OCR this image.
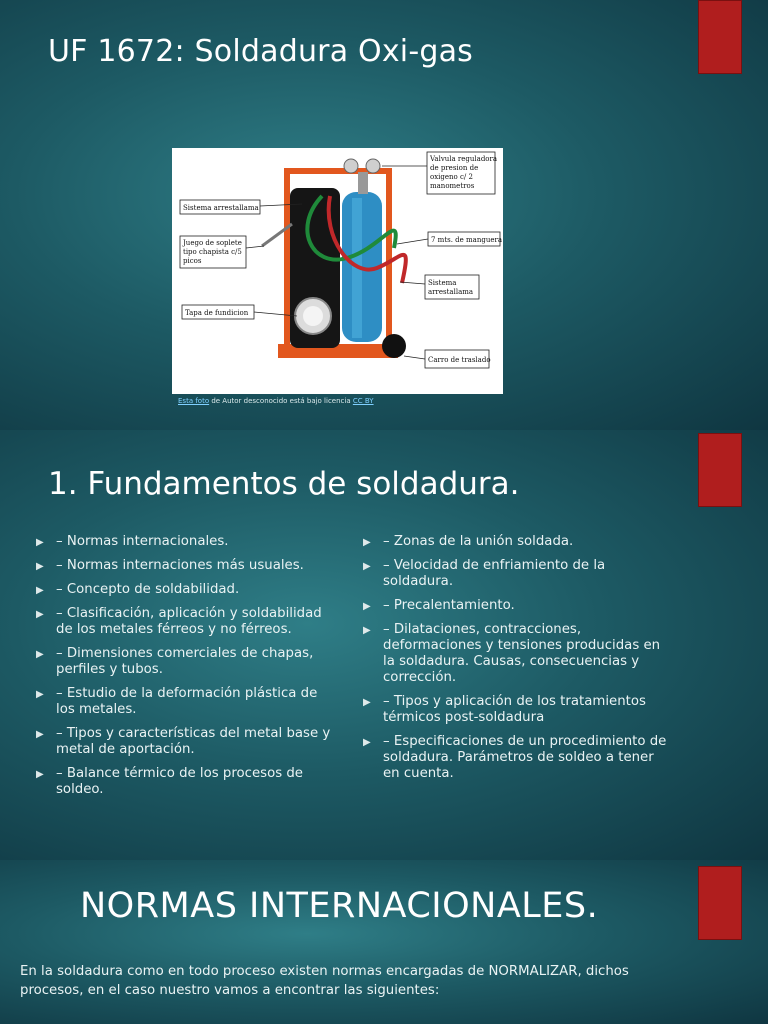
UF 1672: Soldadura Oxi-gas
Valvula reguladora
de presion de
oxigeno c/ 2
manometros
Sistema arrestallama
Juego de soplete
tipo chapista c/5
picos
7 mts. de manguera
Sistema
arrestallama
Tapa de fundicion
Carro de traslado
Esta foto de Autor desconocido está bajo licencia CC BY
1. Fundamentos de soldadura.
▶ – Normas internacionales.
▶ – Normas internaciones más usuales.
▶ – Concepto de soldabilidad.
▶ – Clasificación, aplicación y soldabilidad de los metales férreos y no férreos.
▶ – Dimensiones comerciales de chapas, perfiles y tubos.
▶ – Estudio de la deformación plástica de los metales.
▶ – Tipos y características del metal base y metal de aportación.
▶ – Balance térmico de los procesos de soldeo.
▶ – Zonas de la unión soldada.
▶ – Velocidad de enfriamiento de la soldadura.
▶ – Precalentamiento.
▶ – Dilataciones, contracciones, deformaciones y tensiones producidas en la soldadura. Causas, consecuencias y corrección.
▶ – Tipos y aplicación de los tratamientos térmicos post-soldadura
▶ – Especificaciones de un procedimiento de soldadura. Parámetros de soldeo a tener en cuenta.
NORMAS INTERNACIONALES.

En la soldadura como en todo proceso existen normas encargadas de NORMALIZAR, dichos procesos, en el caso nuestro vamos a encontrar las siguientes:
